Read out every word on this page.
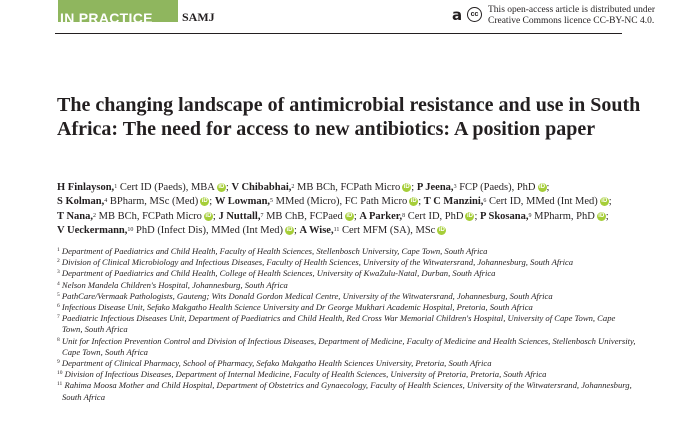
IN PRACTICE SAMJ	a	cc	This open-access article is distributed under
Creative Commons licence CC-BY-NC 4.0.
The changing landscape of antimicrobial resistance and use in South Africa: The need for access to new antibiotics: A position paper
H Finlayson,$^1$ Cert ID (Paeds), MBA iD ; V Chibabhai,$^2$ MB BCh, FCPath Micro iD ; P Jeena,$^3$ FCP (Paeds), PhD iD ;
S Kolman,$^4$ BPharm, MSc (Med) iD ; W Lowman,$^5$ MMed (Micro), FC Path Micro iD ; T C Manzini,$^6$ Cert ID, MMed (Int Med) iD ;
T Nana,$^2$ MB BCh, FCPath Micro iD ; J Nuttall,$^7$ MB ChB, FCPaed iD ; A Parker,$^8$ Cert ID, PhD iD ; P Skosana,$^9$ MPharm, PhD iD ;
V Ueckermann,$^{10}$ PhD (Infect Dis), MMed (Int Med) iD ; A Wise,$^{11}$ Cert MFM (SA), MSc iD

$^1$ Department of Paediatrics and Child Health, Faculty of Health Sciences, Stellenbosch University, Cape Town, South Africa

$^2$ Division of Clinical Microbiology and Infectious Diseases, Faculty of Health Sciences, University of the Witwatersrand, Johannesburg, South Africa

$^3$ Department of Paediatrics and Child Health, College of Health Sciences, University of KwaZulu-Natal, Durban, South Africa

$^4$ Nelson Mandela Children's Hospital, Johannesburg, South Africa

$^5$ PathCare/Vermaak Pathologists, Gauteng; Wits Donald Gordon Medical Centre, University of the Witwatersrand, Johannesburg, South Africa

$^6$ Infectious Disease Unit, Sefako Makgatho Health Science University and Dr George Mukhari Academic Hospital, Pretoria, South Africa

$^7$ Paediatric Infectious Diseases Unit, Department of Paediatrics and Child Health, Red Cross War Memorial Children's Hospital, University of Cape Town, Cape Town, South Africa

$^8$ Unit for Infection Prevention Control and Division of Infectious Diseases, Department of Medicine, Faculty of Medicine and Health Sciences, Stellenbosch University, Cape Town, South Africa

$^9$ Department of Clinical Pharmacy, School of Pharmacy, Sefako Makgatho Health Sciences University, Pretoria, South Africa

$^{10}$ Division of Infectious Diseases, Department of Internal Medicine, Faculty of Health Sciences, University of Pretoria, Pretoria, South Africa

$^{11}$ Rahima Moosa Mother and Child Hospital, Department of Obstetrics and Gynaecology, Faculty of Health Sciences, University of the Witwatersrand, Johannesburg, South Africa
